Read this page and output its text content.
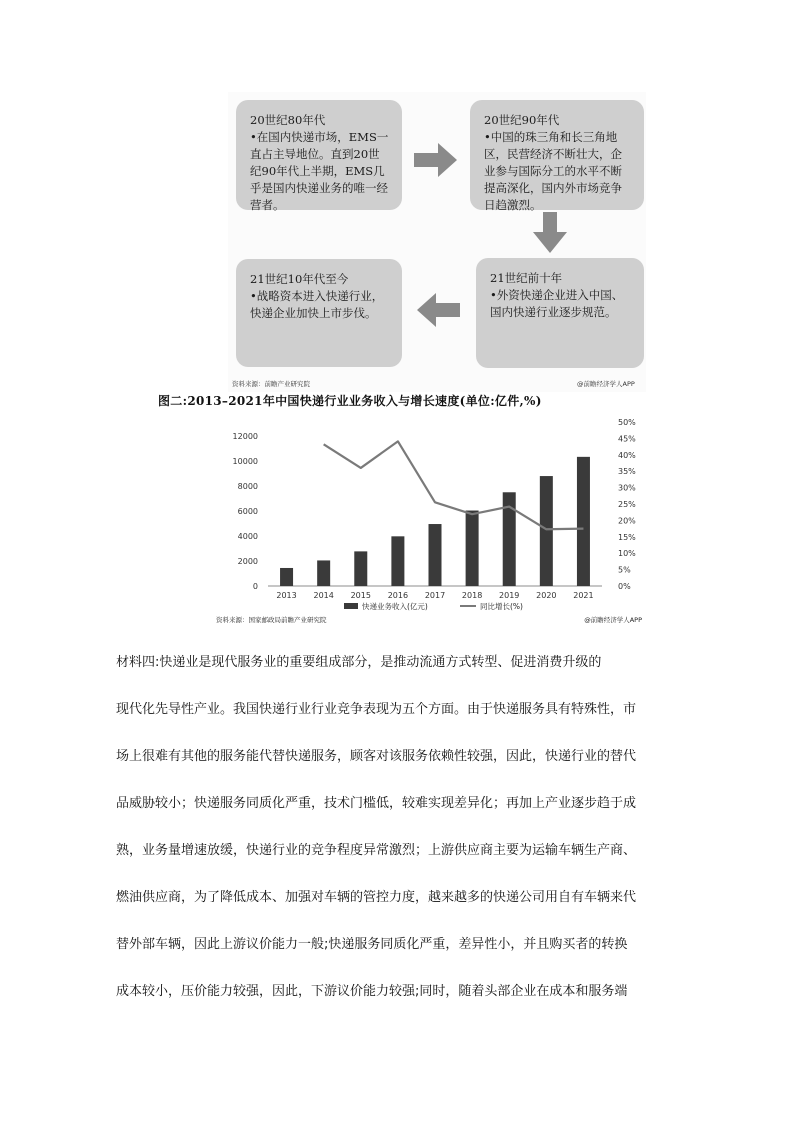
20世纪80年代
•在国内快递市场，EMS一直占主导地位。直到20世纪90年代上半期，EMS几乎是国内快递业务的唯一经营者。
20世纪90年代
•中国的珠三角和长三角地区，民营经济不断壮大，企业参与国际分工的水平不断提高深化，国内外市场竞争日趋激烈。
21世纪10年代至今
•战略资本进入快递行业，快递企业加快上市步伐。
21世纪前十年
•外资快递企业进入中国、国内快递行业逐步规范。
资料来源：前瞻产业研究院	@前瞻经济学人APP
图二:2013–2021年中国快递行业业务收入与增长速度(单位:亿件,%)
0
2000
4000
6000
8000
10000
12000
0%
5%
10%
15%
20%
25%
30%
35%
40%
45%
50%
2013 2014 2015 2016 2017 2018 2019 2020 2021
快递业务收入(亿元)	同比增长(%)
资料来源：国家邮政局前瞻产业研究院	@前瞻经济学人APP
材料四:快递业是现代服务业的重要组成部分，是推动流通方式转型、促进消费升级的
现代化先导性产业。我国快递行业行业竞争表现为五个方面。由于快递服务具有特殊性，市
场上很难有其他的服务能代替快递服务，顾客对该服务依赖性较强，因此，快递行业的替代
品威胁较小；快递服务同质化严重，技术门槛低，较难实现差异化；再加上产业逐步趋于成
熟，业务量增速放缓，快递行业的竞争程度异常激烈；上游供应商主要为运输车辆生产商、
燃油供应商，为了降低成本、加强对车辆的管控力度，越来越多的快递公司用自有车辆来代
替外部车辆，因此上游议价能力一般;快递服务同质化严重，差异性小，并且购买者的转换
成本较小，压价能力较强，因此，下游议价能力较强;同时，随着头部企业在成本和服务端
